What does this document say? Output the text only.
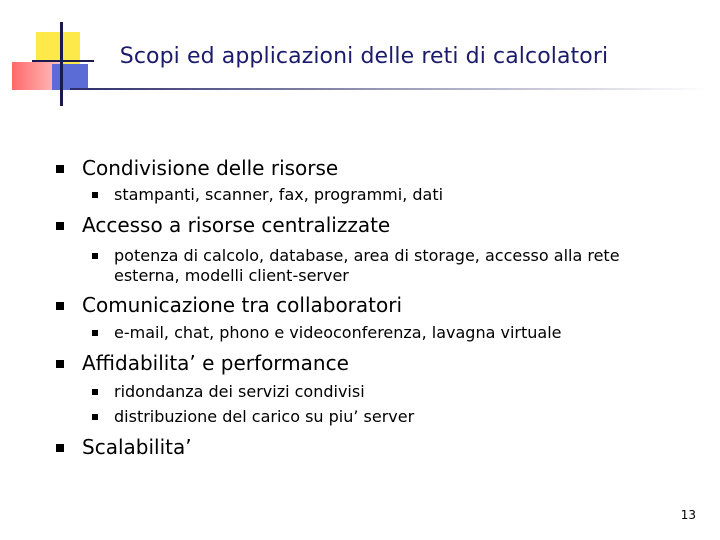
Scopi ed applicazioni delle reti di calcolatori
Condivisione delle risorse
stampanti, scanner, fax, programmi, dati
Accesso a risorse centralizzate
potenza di calcolo, database, area di storage, accesso alla rete esterna, modelli client-server
Comunicazione tra collaboratori
e-mail, chat, phono e videoconferenza, lavagna virtuale
Affidabilita’ e performance
ridondanza dei servizi condivisi
distribuzione del carico su piu’ server
Scalabilita’
13
